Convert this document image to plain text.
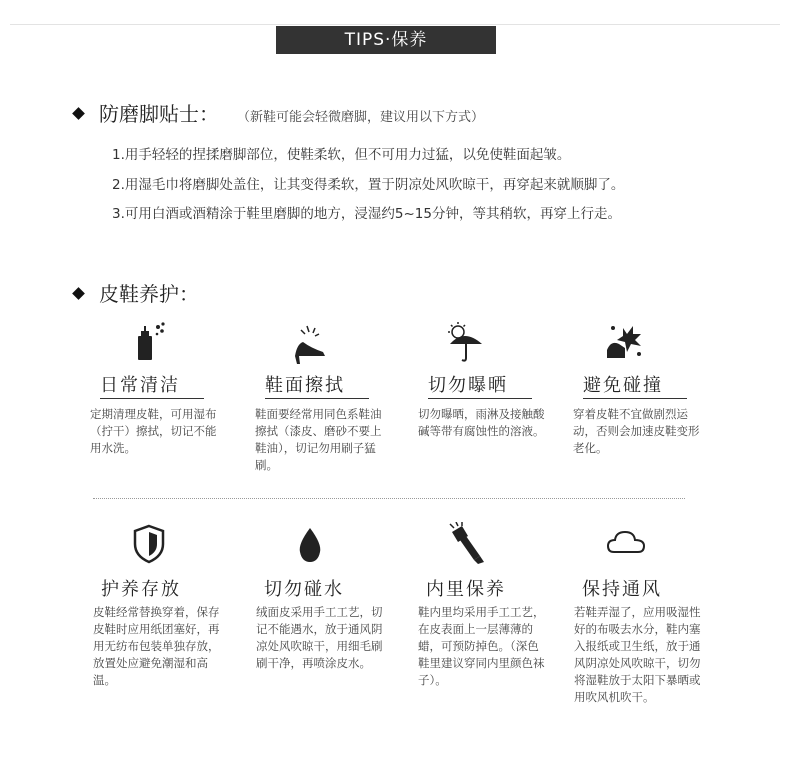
TIPS·保养
防磨脚贴士： （新鞋可能会轻微磨脚，建议用以下方式）
1.用手轻轻的捏揉磨脚部位，使鞋柔软，但不可用力过猛，以免使鞋面起皱。
2.用湿毛巾将磨脚处盖住，让其变得柔软，置于阴凉处风吹晾干，再穿起来就顺脚了。
3.可用白酒或酒精涂于鞋里磨脚的地方，浸湿约5~15分钟，等其稍软，再穿上行走。
皮鞋养护：
日常清洁
定期清理皮鞋，可用湿布（拧干）擦拭，切记不能用水洗。
鞋面擦拭
鞋面要经常用同色系鞋油擦拭（漆皮、磨砂不要上鞋油），切记勿用刷子猛刷。
切勿曝晒
切勿曝晒，雨淋及接触酸碱等带有腐蚀性的溶液。
避免碰撞
穿着皮鞋不宜做剧烈运动，否则会加速皮鞋变形老化。
护养存放
皮鞋经常替换穿着，保存皮鞋时应用纸团塞好，再用无纺布包装单独存放，放置处应避免潮湿和高温。
切勿碰水
绒面皮采用手工工艺，切记不能遇水，放于通风阴凉处风吹晾干，用细毛刷刷干净，再喷涂皮水。
内里保养
鞋内里均采用手工工艺，在皮表面上一层薄薄的蜡，可预防掉色。（深色鞋里建议穿同内里颜色袜子）。
保持通风
若鞋弄湿了，应用吸湿性好的布吸去水分，鞋内塞入报纸或卫生纸，放于通风阴凉处风吹晾干，切勿将湿鞋放于太阳下暴晒或用吹风机吹干。
